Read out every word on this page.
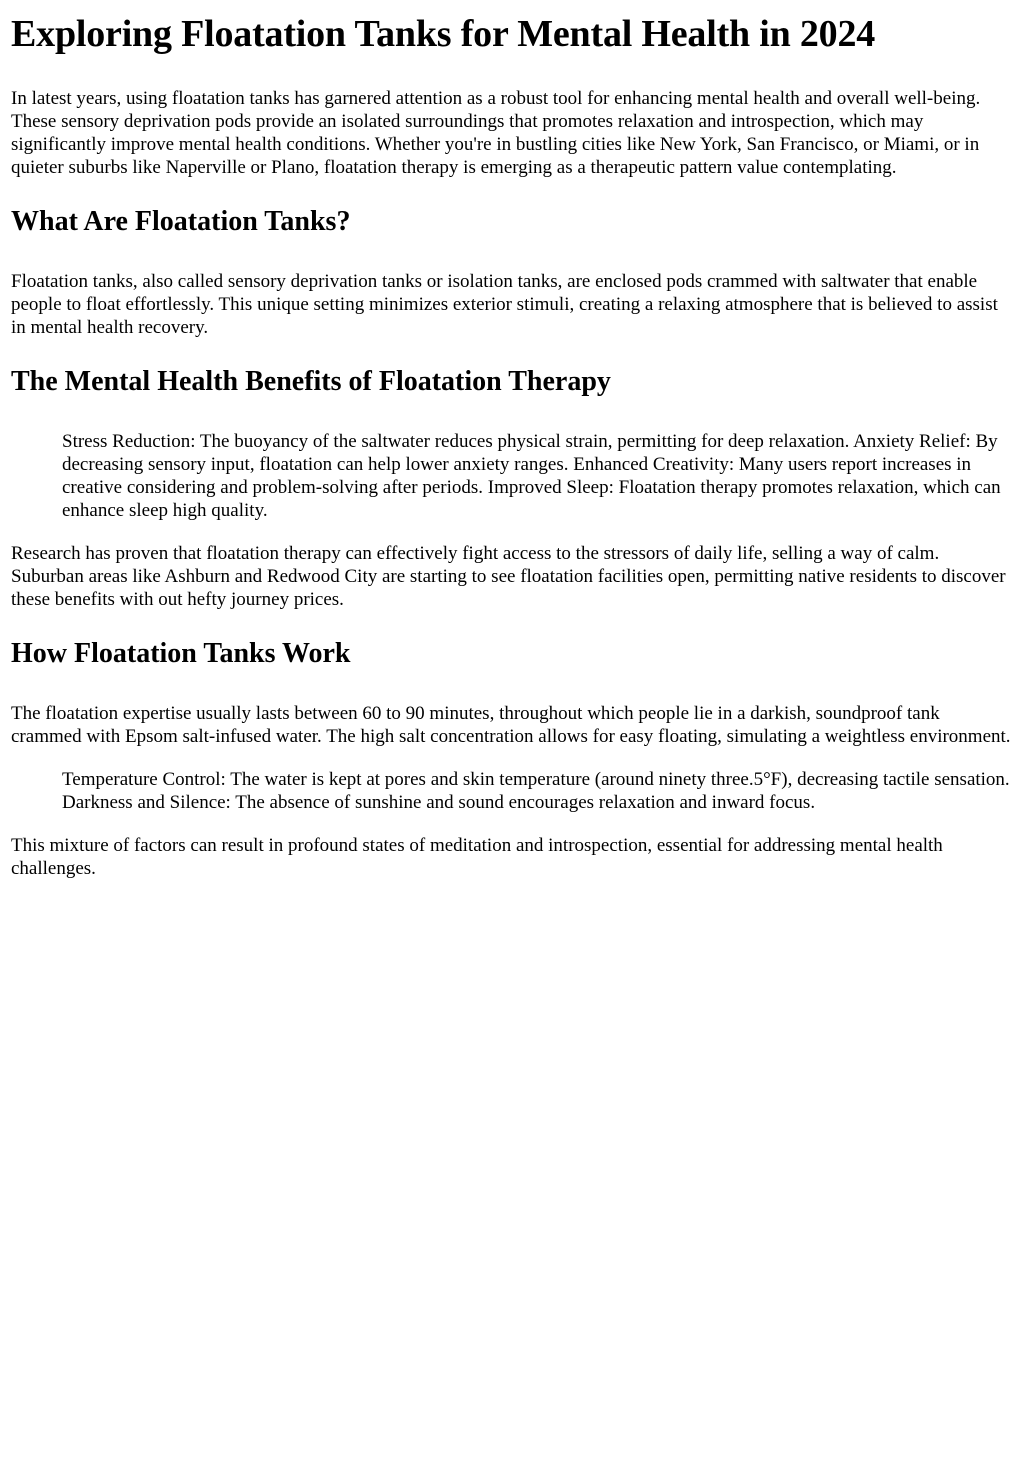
Exploring Floatation Tanks for Mental Health in 2024

In latest years, using floatation tanks has garnered attention as a robust tool for enhancing mental health and overall well-being. These sensory deprivation pods provide an isolated surroundings that promotes relaxation and introspection, which may significantly improve mental health conditions. Whether you're in bustling cities like New York, San Francisco, or Miami, or in quieter suburbs like Naperville or Plano, floatation therapy is emerging as a therapeutic pattern value contemplating.

What Are Floatation Tanks?

Floatation tanks, also called sensory deprivation tanks or isolation tanks, are enclosed pods crammed with saltwater that enable people to float effortlessly. This unique setting minimizes exterior stimuli, creating a relaxing atmosphere that is believed to assist in mental health recovery.

The Mental Health Benefits of Floatation Therapy
Stress Reduction: The buoyancy of the saltwater reduces physical strain, permitting for deep relaxation. Anxiety Relief: By decreasing sensory input, floatation can help lower anxiety ranges. Enhanced Creativity: Many users report increases in creative considering and problem-solving after periods. Improved Sleep: Floatation therapy promotes relaxation, which can enhance sleep high quality.

Research has proven that floatation therapy can effectively fight access to the stressors of daily life, selling a way of calm. Suburban areas like Ashburn and Redwood City are starting to see floatation facilities open, permitting native residents to discover these benefits with out hefty journey prices.

How Floatation Tanks Work

The floatation expertise usually lasts between 60 to 90 minutes, throughout which people lie in a darkish, soundproof tank crammed with Epsom salt-infused water. The high salt concentration allows for easy floating, simulating a weightless environment.

Temperature Control: The water is kept at pores and skin temperature (around ninety three.5°F), decreasing tactile sensation. Darkness and Silence: The absence of sunshine and sound encourages relaxation and inward focus.

This mixture of factors can result in profound states of meditation and introspection, essential for addressing mental health challenges.
